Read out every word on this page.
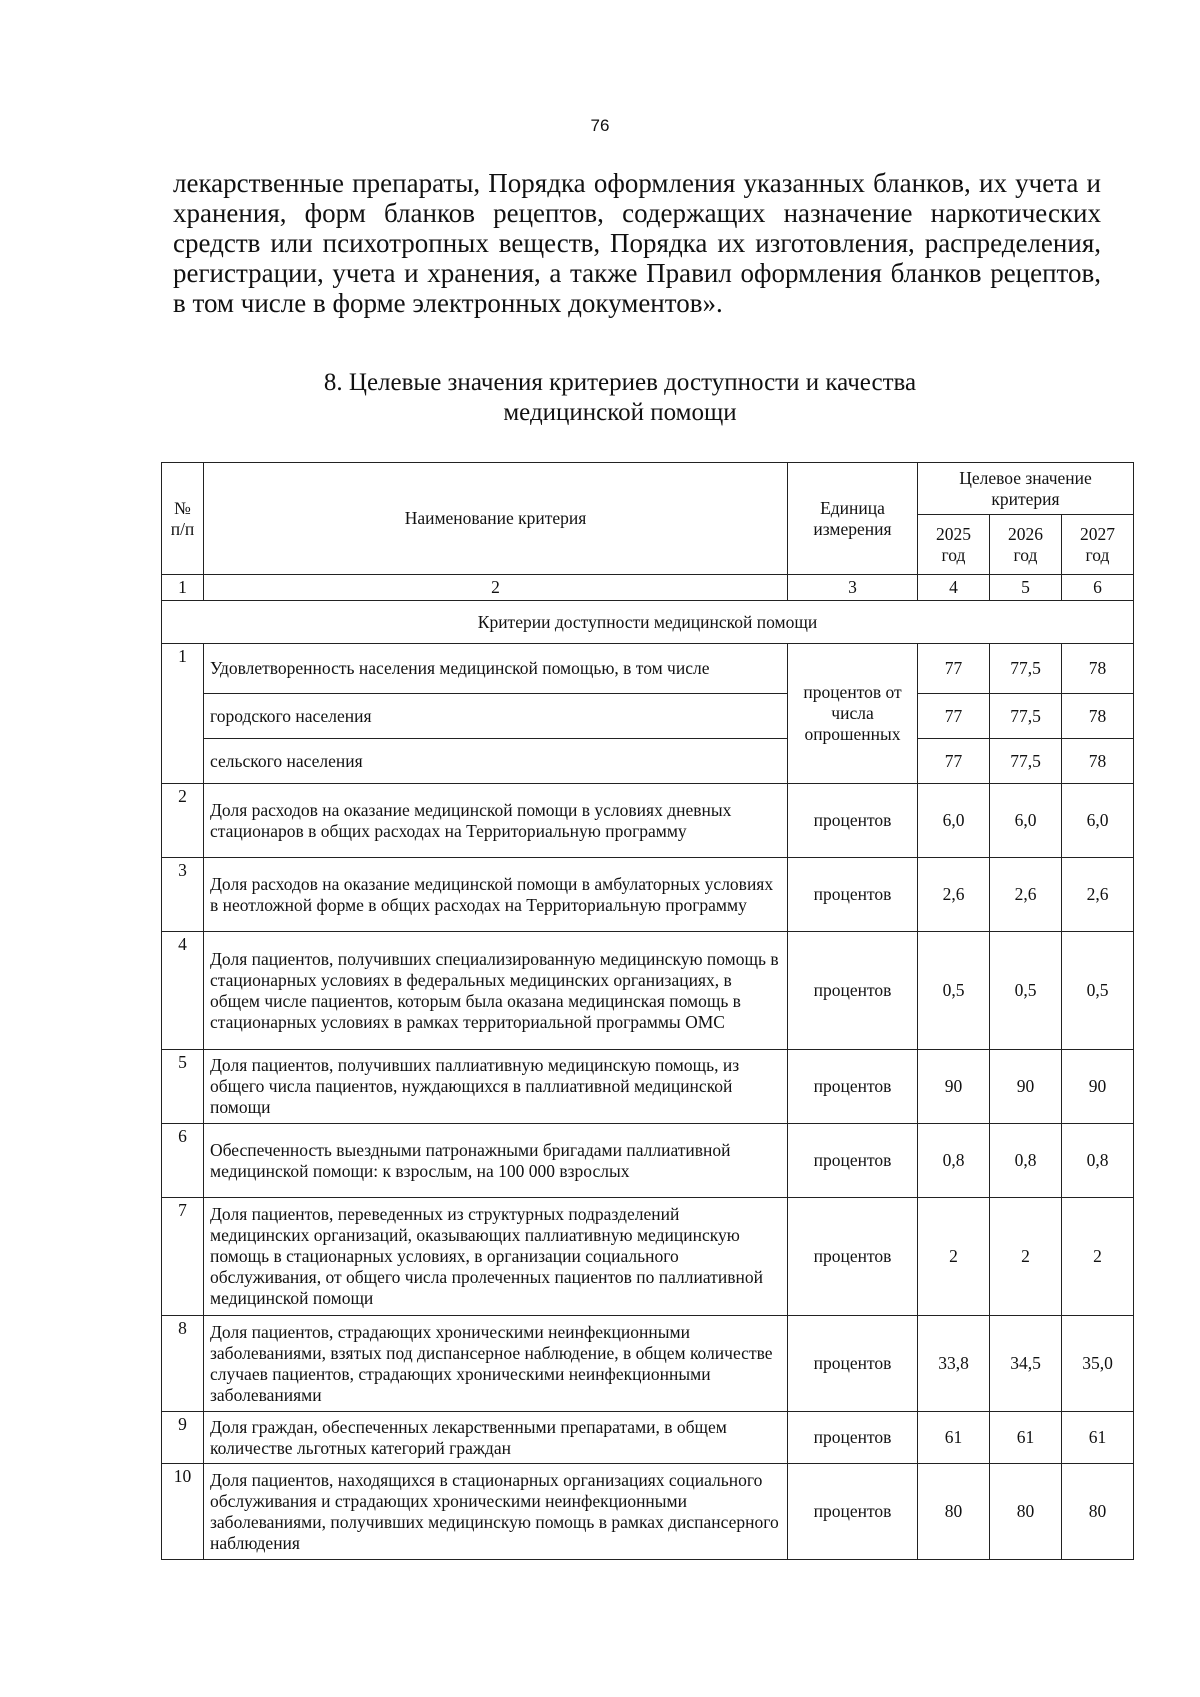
76

лекарственные препараты, Порядка оформления указанных бланков, их учета и хранения, форм бланков рецептов, содержащих назначение наркотических средств или психотропных веществ, Порядка их изготовления, распределения, регистрации, учета и хранения, а также Правил оформления бланков рецептов, в том числе в форме электронных документов».

8. Целевые значения критериев доступности и качества
медицинской помощи
№ п/п	Наименование критерия	Единица измерения	Целевое значение критерия		
			2025 год	2026 год	2027 год
1	2	3	4	5	6
Критерии доступности медицинской помощи					
1	Удовлетворенность населения медицинской помощью, в том числе	процентов от числа опрошенных	77	77,5	78
	городского населения		77	77,5	78
	сельского населения		77	77,5	78
2	Доля расходов на оказание медицинской помощи в условиях дневных стационаров в общих расходах на Территориальную программу	процентов	6,0	6,0	6,0
3	Доля расходов на оказание медицинской помощи в амбулаторных условиях в неотложной форме в общих расходах на Территориальную программу	процентов	2,6	2,6	2,6
4	Доля пациентов, получивших специализированную медицинскую помощь в стационарных условиях в федеральных медицинских организациях, в общем числе пациентов, которым была оказана медицинская помощь в стационарных условиях в рамках территориальной программы ОМС	процентов	0,5	0,5	0,5
5	Доля пациентов, получивших паллиативную медицинскую помощь, из общего числа пациентов, нуждающихся в паллиативной медицинской помощи	процентов	90	90	90
6	Обеспеченность выездными патронажными бригадами паллиативной медицинской помощи: к взрослым, на 100 000 взрослых	процентов	0,8	0,8	0,8
7	Доля пациентов, переведенных из структурных подразделений медицинских организаций, оказывающих паллиативную медицинскую помощь в стационарных условиях, в организации социального обслуживания, от общего числа пролеченных пациентов по паллиативной медицинской помощи	процентов	2	2	2
8	Доля пациентов, страдающих хроническими неинфекционными заболеваниями, взятых под диспансерное наблюдение, в общем количестве случаев пациентов, страдающих хроническими неинфекционными заболеваниями	процентов	33,8	34,5	35,0
9	Доля граждан, обеспеченных лекарственными препаратами, в общем количестве льготных категорий граждан	процентов	61	61	61
10	Доля пациентов, находящихся в стационарных организациях социального обслуживания и страдающих хроническими неинфекционными заболеваниями, получивших медицинскую помощь в рамках диспансерного наблюдения	процентов	80	80	80
